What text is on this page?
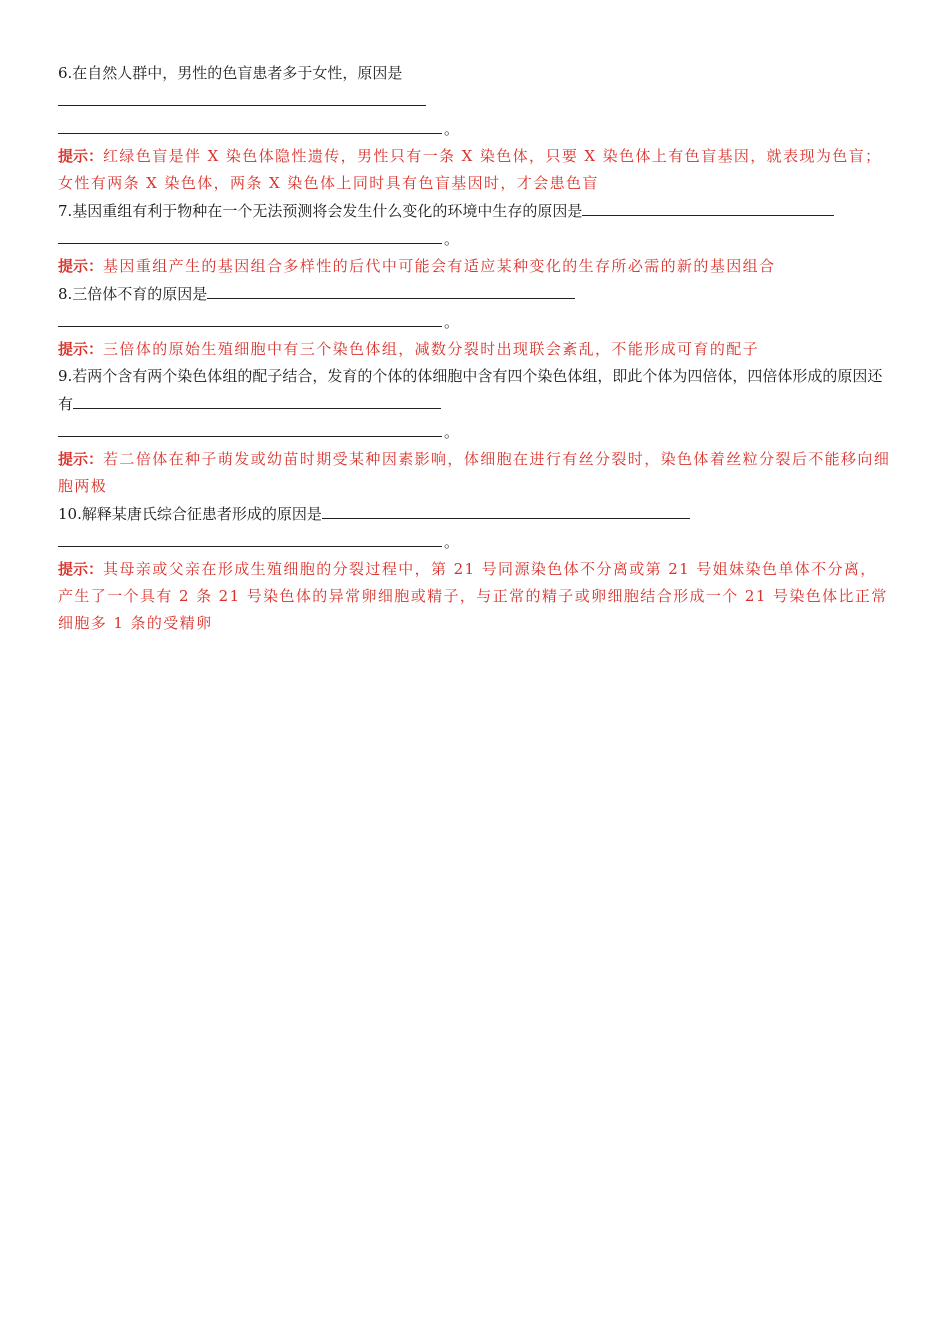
6.在自然人群中，男性的色盲患者多于女性，原因是
。
提示：红绿色盲是伴 X 染色体隐性遗传，男性只有一条 X 染色体，只要 X 染色体上有色盲基因，就表现为色盲；女性有两条 X 染色体，两条 X 染色体上同时具有色盲基因时，才会患色盲
7.基因重组有利于物种在一个无法预测将会发生什么变化的环境中生存的原因是
。
提示：基因重组产生的基因组合多样性的后代中可能会有适应某种变化的生存所必需的新的基因组合
8.三倍体不育的原因是
。
提示：三倍体的原始生殖细胞中有三个染色体组，减数分裂时出现联会紊乱，不能形成可育的配子
9.若两个含有两个染色体组的配子结合，发育的个体的体细胞中含有四个染色体组，即此个体为四倍体，四倍体形成的原因还有
。
提示：若二倍体在种子萌发或幼苗时期受某种因素影响，体细胞在进行有丝分裂时，染色体着丝粒分裂后不能移向细胞两极
10.解释某唐氏综合征患者形成的原因是
。
提示：其母亲或父亲在形成生殖细胞的分裂过程中，第 21 号同源染色体不分离或第 21 号姐妹染色单体不分离，产生了一个具有 2 条 21 号染色体的异常卵细胞或精子，与正常的精子或卵细胞结合形成一个 21 号染色体比正常细胞多 1 条的受精卵
